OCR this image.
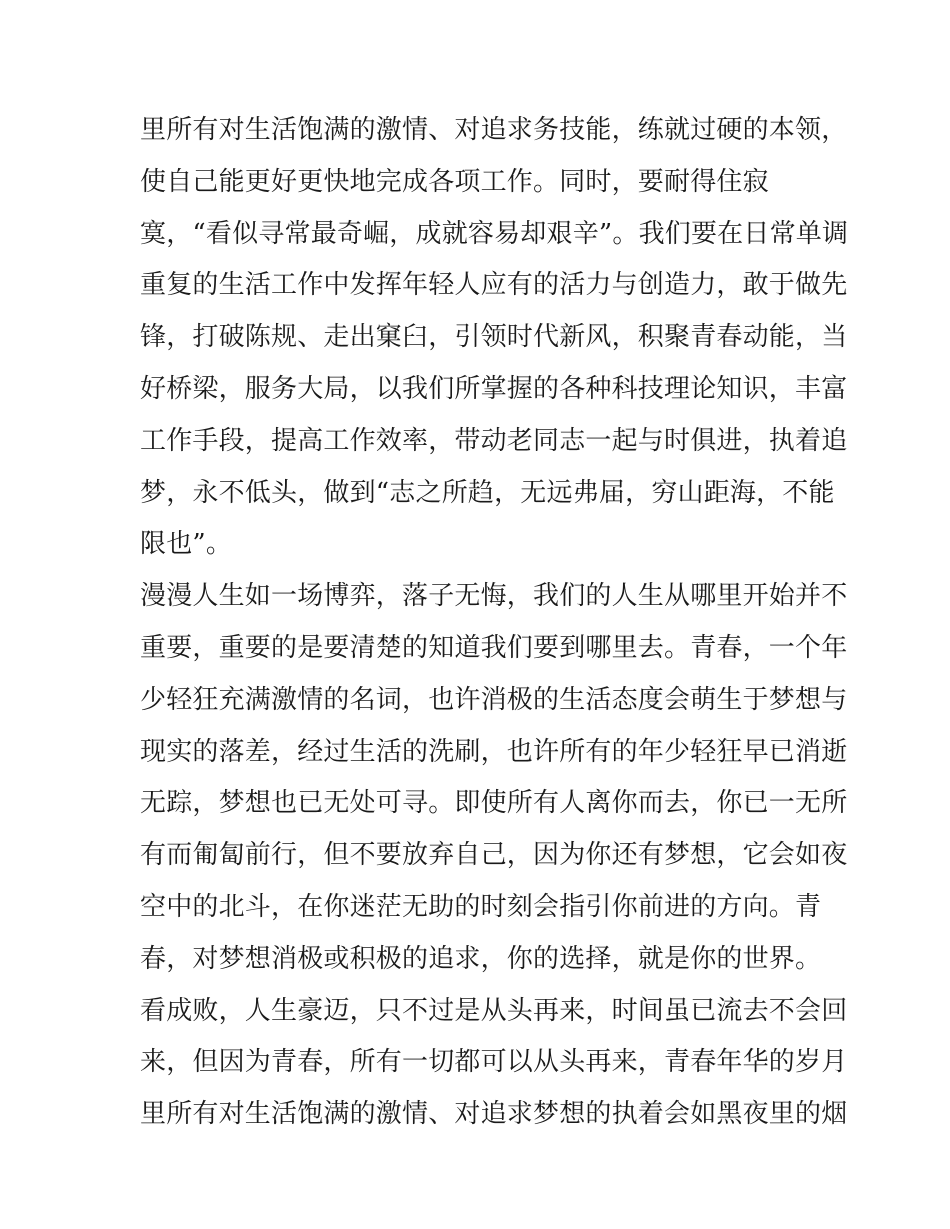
里所有对生活饱满的激情、对追求务技能，练就过硬的本领，
使自己能更好更快地完成各项工作。同时，要耐得住寂
寞，“看似寻常最奇崛，成就容易却艰辛”。我们要在日常单调
重复的生活工作中发挥年轻人应有的活力与创造力，敢于做先
锋，打破陈规、走出窠臼，引领时代新风，积聚青春动能，当
好桥梁，服务大局，以我们所掌握的各种科技理论知识，丰富
工作手段，提高工作效率，带动老同志一起与时俱进，执着追
梦，永不低头，做到“志之所趋，无远弗届，穷山距海，不能
限也”。
漫漫人生如一场博弈，落子无悔，我们的人生从哪里开始并不
重要，重要的是要清楚的知道我们要到哪里去。青春，一个年
少轻狂充满激情的名词，也许消极的生活态度会萌生于梦想与
现实的落差，经过生活的洗刷，也许所有的年少轻狂早已消逝
无踪，梦想也已无处可寻。即使所有人离你而去，你已一无所
有而匍匐前行，但不要放弃自己，因为你还有梦想，它会如夜
空中的北斗，在你迷茫无助的时刻会指引你前进的方向。青
春，对梦想消极或积极的追求，你的选择，就是你的世界。
看成败，人生豪迈，只不过是从头再来，时间虽已流去不会回
来，但因为青春，所有一切都可以从头再来，青春年华的岁月
里所有对生活饱满的激情、对追求梦想的执着会如黑夜里的烟
